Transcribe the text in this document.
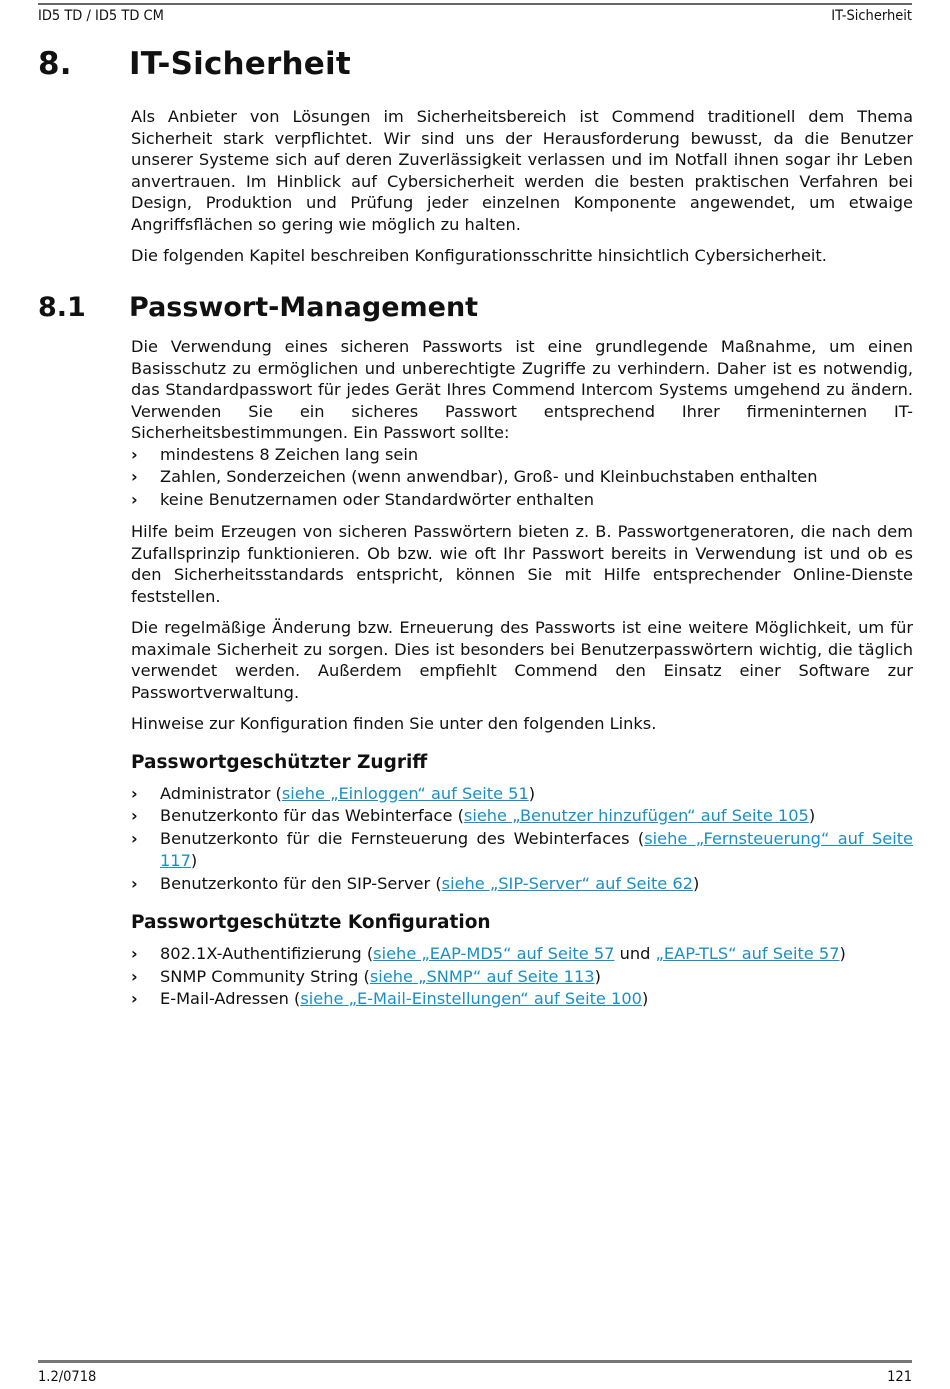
ID5 TD / ID5 TD CM	IT-Sicherheit
8. IT-Sicherheit

Als Anbieter von Lösungen im Sicherheitsbereich ist Commend traditionell dem Thema Sicherheit stark verpflichtet. Wir sind uns der Herausforderung bewusst, da die Benutzer unserer Systeme sich auf deren Zuverlässigkeit verlassen und im Notfall ihnen sogar ihr Leben anvertrauen. Im Hinblick auf Cybersicherheit werden die besten praktischen Verfahren bei Design, Produktion und Prüfung jeder einzelnen Komponente angewendet, um etwaige Angriffsflächen so gering wie möglich zu halten.

Die folgenden Kapitel beschreiben Konfigurationsschritte hinsichtlich Cybersicherheit.

8.1 Passwort-Management

Die Verwendung eines sicheren Passworts ist eine grundlegende Maßnahme, um einen Basisschutz zu ermöglichen und unberechtigte Zugriffe zu verhindern. Daher ist es notwendig, das Standardpasswort für jedes Gerät Ihres Commend Intercom Systems umgehend zu ändern. Verwenden Sie ein sicheres Passwort entsprechend Ihrer firmeninternen IT-Sicherheitsbestimmungen. Ein Passwort sollte:

› mindestens 8 Zeichen lang sein
› Zahlen, Sonderzeichen (wenn anwendbar), Groß- und Kleinbuchstaben enthalten
› keine Benutzernamen oder Standardwörter enthalten

Hilfe beim Erzeugen von sicheren Passwörtern bieten z. B. Passwortgeneratoren, die nach dem Zufallsprinzip funktionieren. Ob bzw. wie oft Ihr Passwort bereits in Verwendung ist und ob es den Sicherheitsstandards entspricht, können Sie mit Hilfe entsprechender Online-Dienste feststellen.

Die regelmäßige Änderung bzw. Erneuerung des Passworts ist eine weitere Möglichkeit, um für maximale Sicherheit zu sorgen. Dies ist besonders bei Benutzerpasswörtern wichtig, die täglich verwendet werden. Außerdem empfiehlt Commend den Einsatz einer Software zur Passwortverwaltung.

Hinweise zur Konfiguration finden Sie unter den folgenden Links.

Passwortgeschützter Zugriff
› Administrator (siehe „Einloggen“ auf Seite 51)
› Benutzerkonto für das Webinterface (siehe „Benutzer hinzufügen“ auf Seite 105)
› Benutzerkonto für die Fernsteuerung des Webinterfaces (siehe „Fernsteuerung“ auf Seite 117)
› Benutzerkonto für den SIP-Server (siehe „SIP-Server“ auf Seite 62)
Passwortgeschützte Konfiguration
› 802.1X-Authentifizierung (siehe „EAP-MD5“ auf Seite 57 und „EAP-TLS“ auf Seite 57)
› SNMP Community String (siehe „SNMP“ auf Seite 113)
› E-Mail-Adressen (siehe „E-Mail-Einstellungen“ auf Seite 100)
1.2/0718	121
